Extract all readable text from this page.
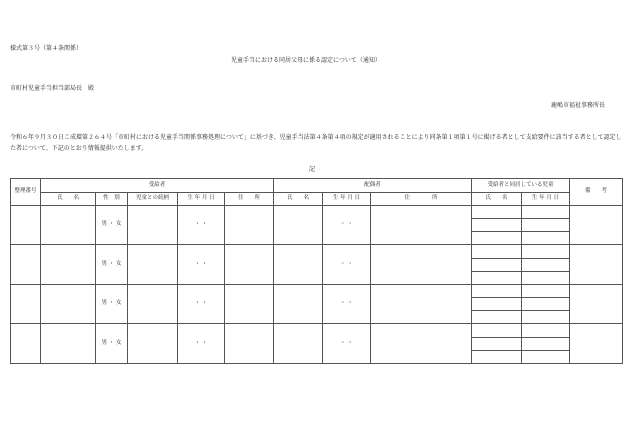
様式第３号（第４条関係）
児童手当における同居父母に係る認定について（通知）
市町村児童手当担当部局長　殿
鹿嶋市福祉事務所長
令和６年９月３０日こ成環第２６４号「市町村における児童手当関係事務処理について」に基づき、児童手当法第４条第４項の規定が適用されることにより同条第１項第１号に掲げる者として支給要件に該当する者として認定した者について、下記のとおり情報提供いたします。
記
整理番号	受給者					配偶者			受給者と同居している児童		備　　考
	氏　　名	性　別	児童との続柄	生 年 月 日	住　　所	氏　　名	生 年 月 日	住　　　　所	氏　　名	生 年 月 日	
		男 ・ 女		・ ・			・ ・				

		男 ・ 女		・ ・			・ ・				

		男 ・ 女		・ ・			・ ・				

		男 ・ 女		・ ・			・ ・				
